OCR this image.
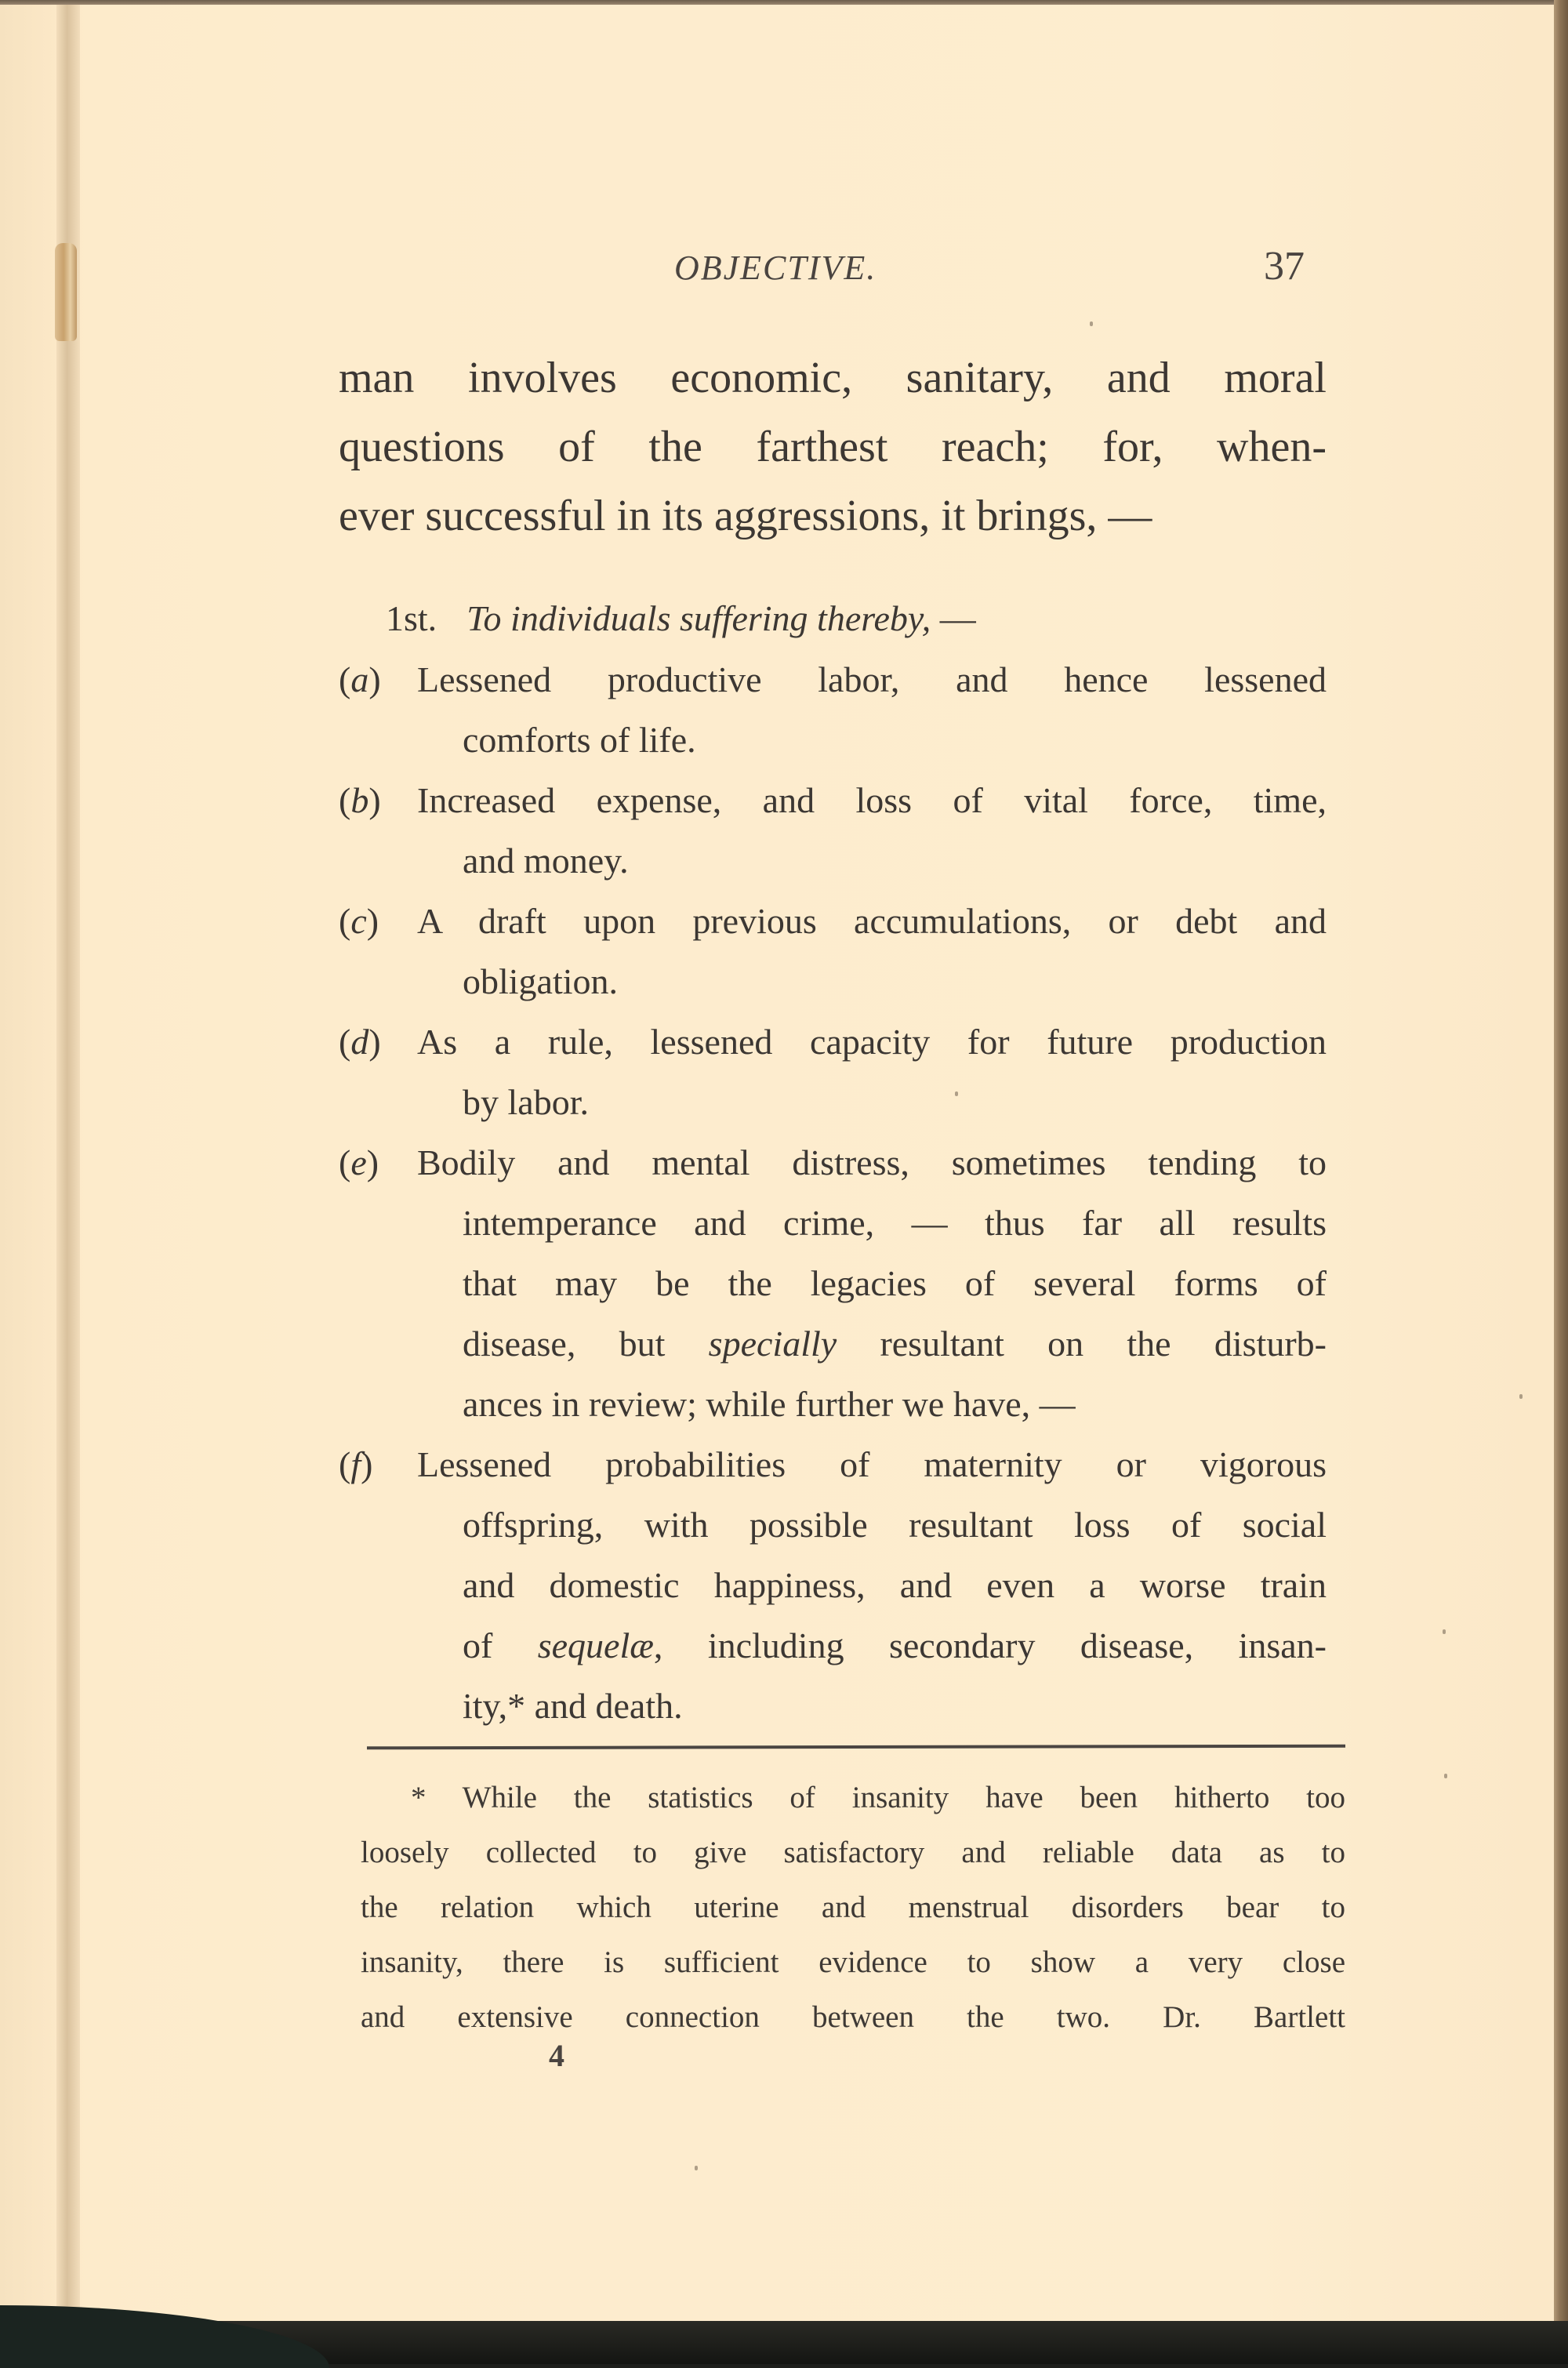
OBJECTIVE.	37
man involves economic, sanitary, and moral
questions of the farthest reach; for, when-
ever successful in its aggressions, it brings, —
1st. To individuals suffering thereby, —
(a)	Lessened productive labor, and hence lessened
comforts of life.
(b)	Increased expense, and loss of vital force, time,
and money.
(c)	A draft upon previous accumulations, or debt and
obligation.
(d)	As a rule, lessened capacity for future production
by labor.
(e)	Bodily and mental distress, sometimes tending to
intemperance and crime, — thus far all results
that may be the legacies of several forms of
disease, but specially resultant on the disturb-
ances in review; while further we have, —
(f)	Lessened probabilities of maternity or vigorous
offspring, with possible resultant loss of social
and domestic happiness, and even a worse train
of sequelæ, including secondary disease, insan-
ity,* and death.
* While the statistics of insanity have been hitherto too
loosely collected to give satisfactory and reliable data as to
the relation which uterine and menstrual disorders bear to
insanity, there is sufficient evidence to show a very close
and extensive connection between the two. Dr. Bartlett
4
